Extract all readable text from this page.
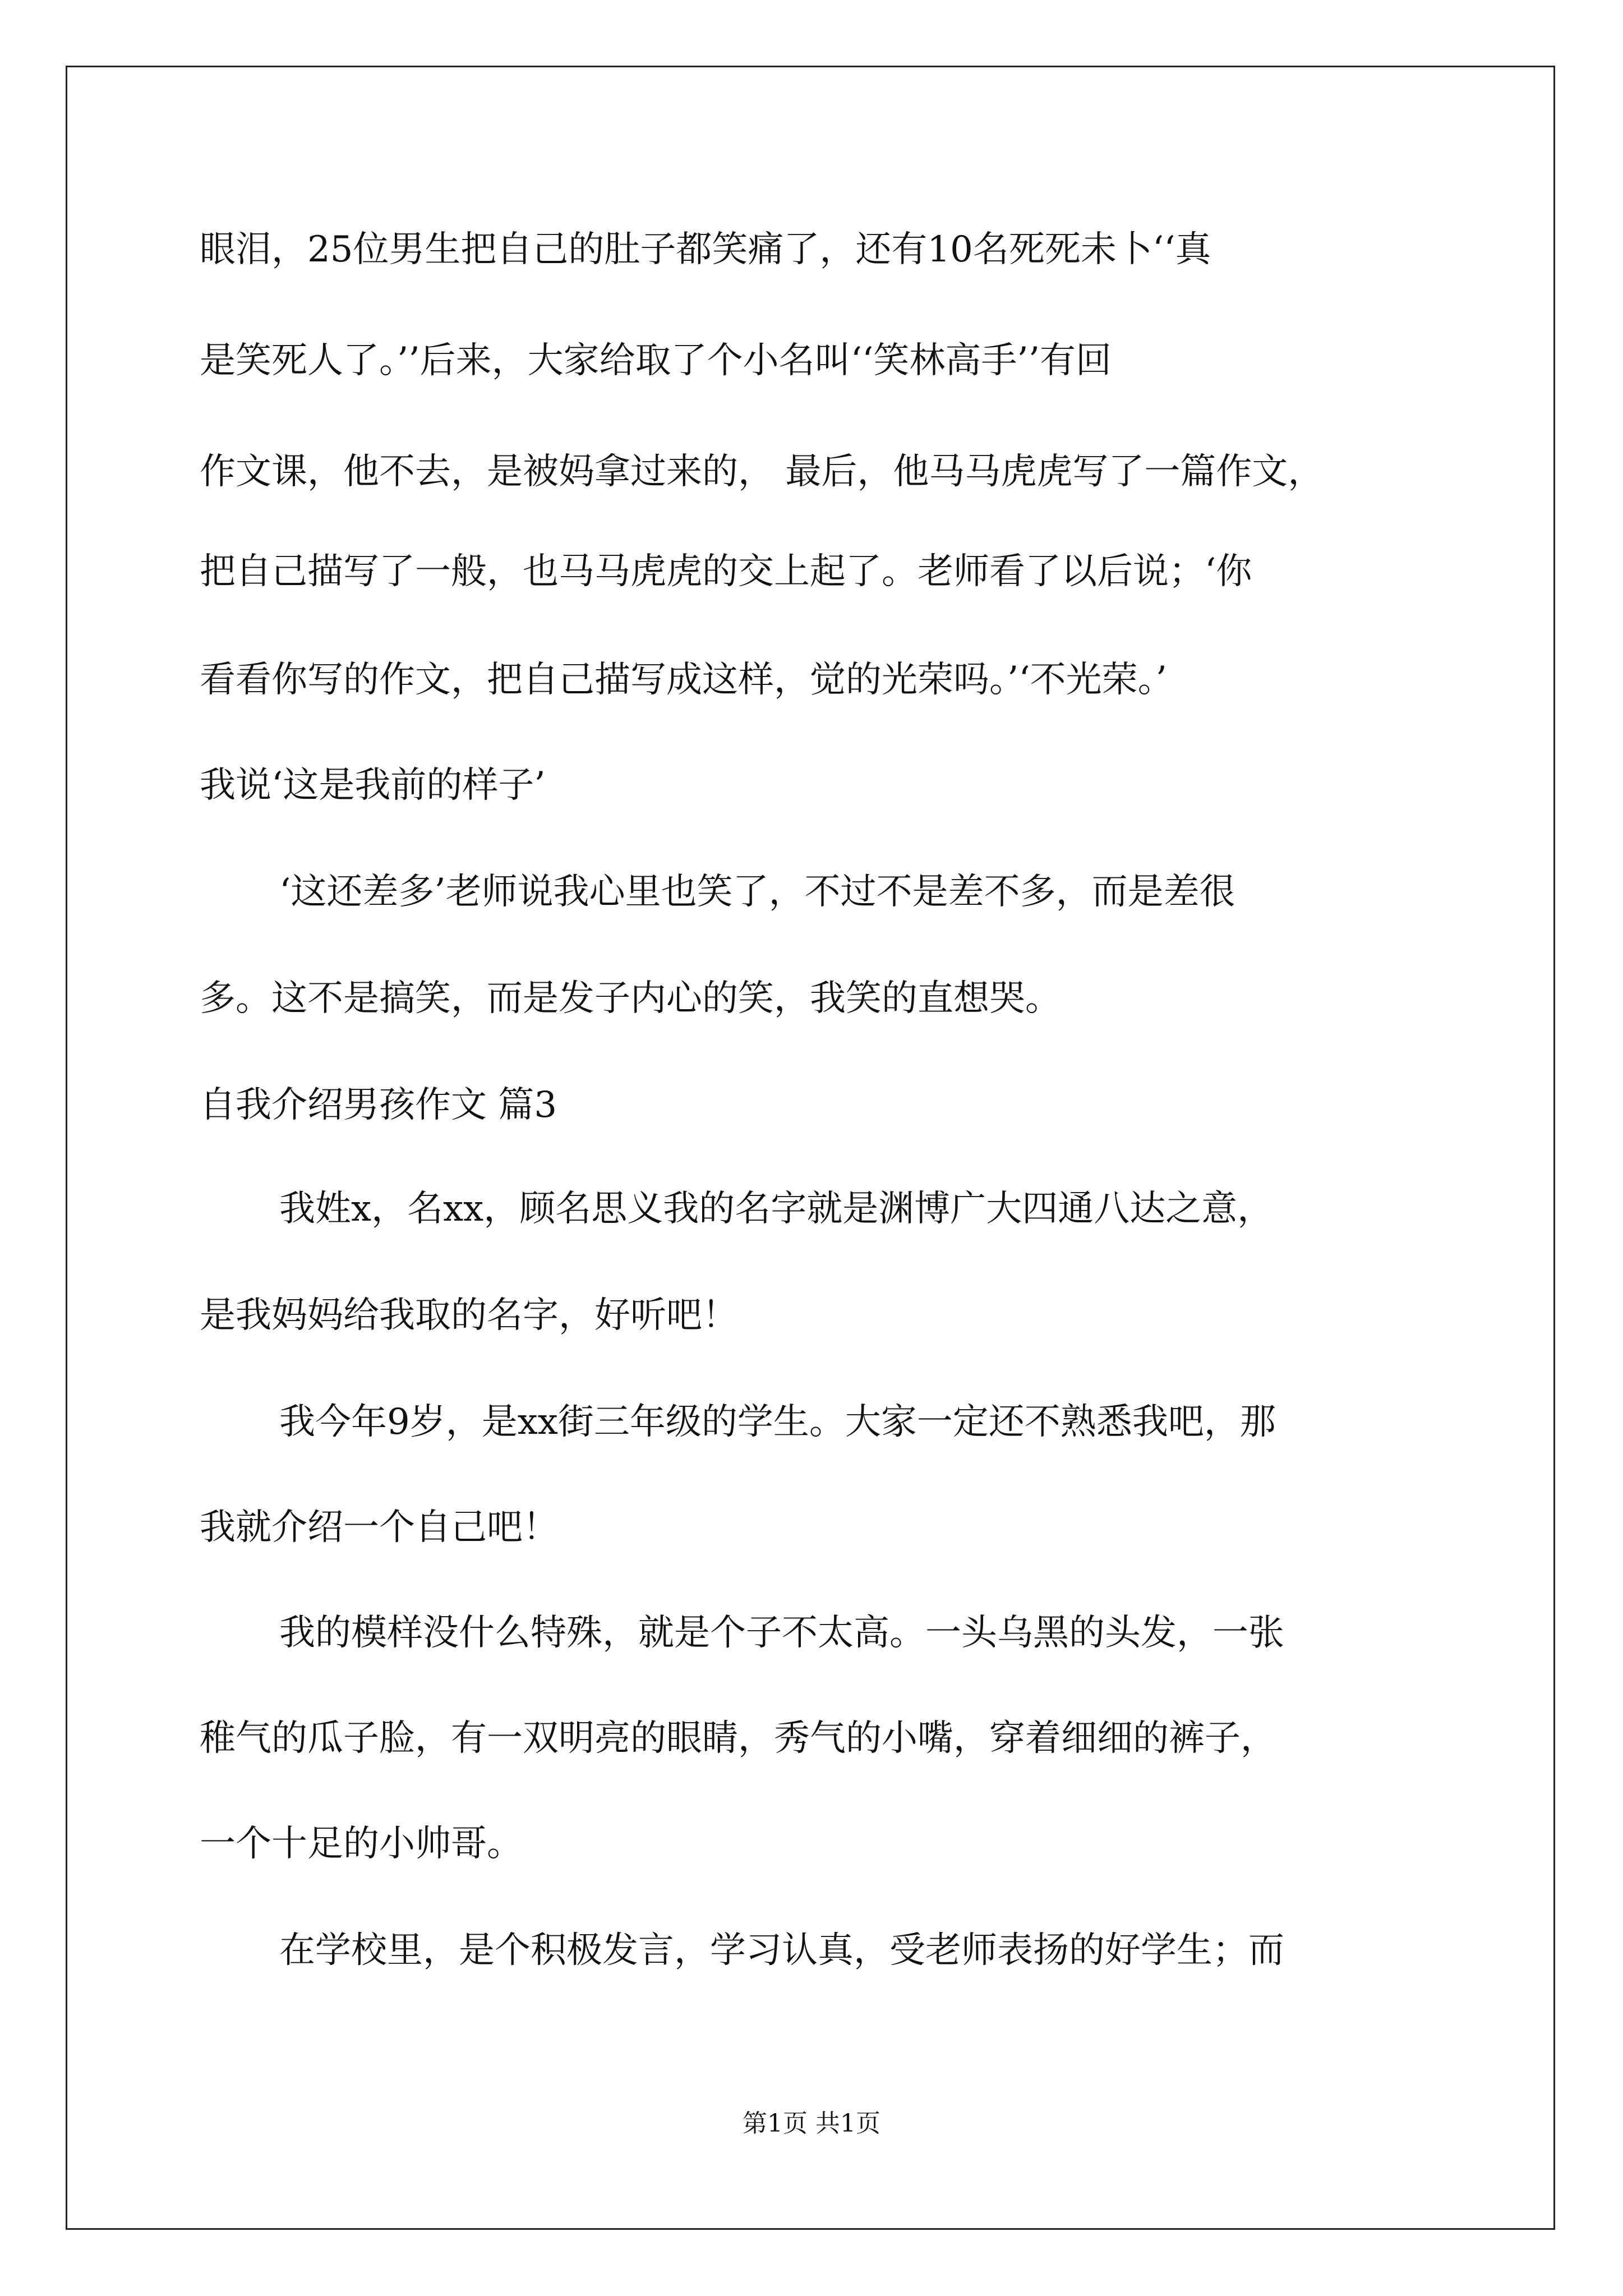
眼泪，25位男生把自己的肚子都笑痛了，还有10名死死未卜‘‘真
是笑死人了。’’后来，大家给取了个小名叫‘‘笑林高手’’有回
作文课，他不去，是被妈拿过来的， 最后，他马马虎虎写了一篇作文，
把自己描写了一般，也马马虎虎的交上起了。老师看了以后说；‘你
看看你写的作文，把自己描写成这样，觉的光荣吗。’‘不光荣。’
我说‘这是我前的样子’
‘这还差多’老师说我心里也笑了，不过不是差不多，而是差很
多。这不是搞笑，而是发子内心的笑，我笑的直想哭。
自我介绍男孩作文 篇3
我姓x，名xx，顾名思义我的名字就是渊博广大四通八达之意，
是我妈妈给我取的名字，好听吧！
我今年9岁，是xx街三年级的学生。大家一定还不熟悉我吧，那
我就介绍一个自己吧！
我的模样没什么特殊，就是个子不太高。一头乌黑的头发，一张
稚气的瓜子脸，有一双明亮的眼睛，秀气的小嘴，穿着细细的裤子，
一个十足的小帅哥。
在学校里，是个积极发言，学习认真，受老师表扬的好学生；而
第1页 共1页
